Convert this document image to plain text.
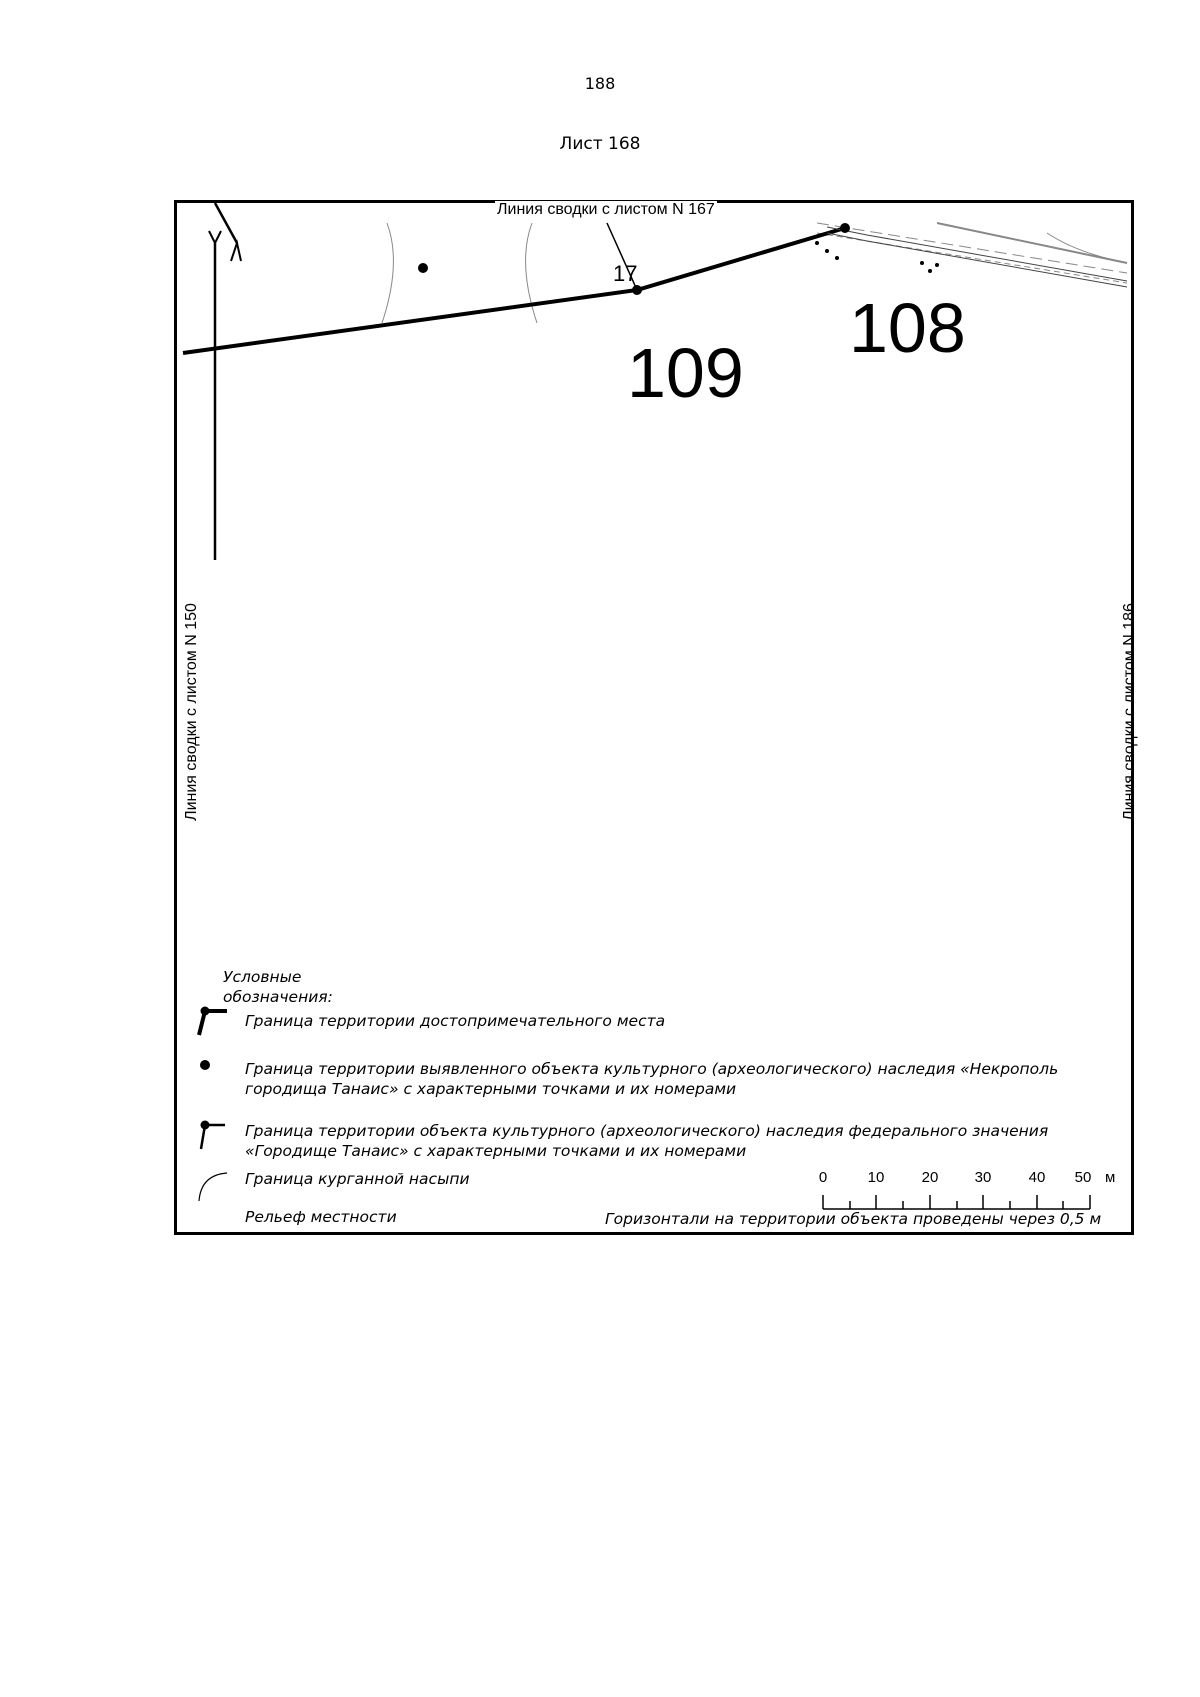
188
Лист 168
Линия сводки с листом N 167
Линия сводки с листом N 150	Линия сводки с листом N 186
109
108
17
Условные обозначения:
Граница территории достопримечательного места
Граница территории выявленного объекта культурного (археологического) наследия «Некрополь городища Танаис» с характерными точками и их номерами
Граница территории объекта культурного (археологического) наследия федерального значения «Городище Танаис» с характерными точками и их номерами
Граница курганной насыпи
Рельеф местности
0	10 20 30 40 50 м
Горизонтали на территории объекта проведены через 0,5 м
